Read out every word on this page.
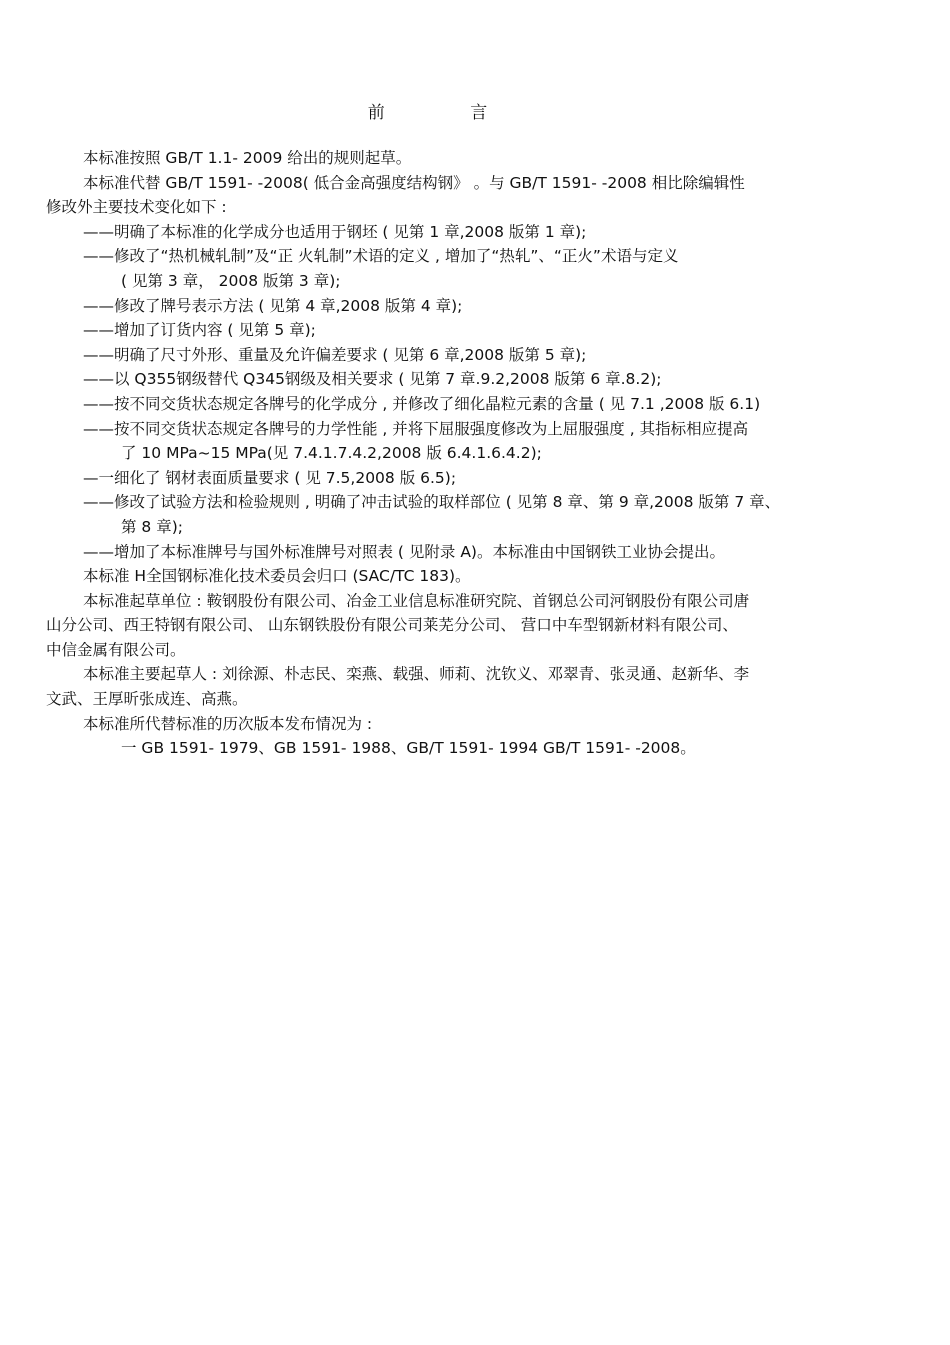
前 言
本标准按照 GB/T 1.1- 2009 给出的规则起草。
本标准代替 GB/T 1591- -2008( 低合金高强度结构钢》 。与 GB/T 1591- -2008 相比除编辑性
修改外主要技术变化如下 :
——明确了本标准的化学成分也适用于钢坯 ( 见第 1 章,2008 版第 1 章);
——修改了“热机械轧制”及“正 火轧制”术语的定义 , 增加了“热轧”、“正火”术语与定义
( 见第 3 章， 2008 版第 3 章);
——修改了牌号表示方法 ( 见第 4 章,2008 版第 4 章);
——增加了订货内容 ( 见第 5 章);
——明确了尺寸外形、重量及允许偏差要求 ( 见第 6 章,2008 版第 5 章);
——以 Q355钢级替代 Q345钢级及相关要求 ( 见第 7 章.9.2,2008 版第 6 章.8.2);
——按不同交货状态规定各牌号的化学成分 , 并修改了细化晶粒元素的含量 ( 见 7.1 ,2008 版 6.1)
——按不同交货状态规定各牌号的力学性能 , 并将下屈服强度修改为上屈服强度 , 其指标相应提高
了 10 MPa~15 MPa(见 7.4.1.7.4.2,2008 版 6.4.1.6.4.2);
—一细化了 钢材表面质量要求 ( 见 7.5,2008 版 6.5);
——修改了试验方法和检验规则 , 明确了冲击试验的取样部位 ( 见第 8 章、第 9 章,2008 版第 7 章、
第 8 章);
——增加了本标准牌号与国外标准牌号对照表 ( 见附录 A)。本标准由中国钢铁工业协会提出。
本标准 H全国钢标准化技术委员会归口 (SAC/TC 183)。
本标准起草单位 : 鞍钢股份有限公司、冶金工业信息标准研究院、首钢总公司河钢股份有限公司唐
山分公司、西王特钢有限公司、 山东钢铁股份有限公司莱芜分公司、 营口中车型钢新材料有限公司、
中信金属有限公司。
本标准主要起草人 : 刘徐源、朴志民、栾燕、载强、师莉、沈钦义、邓翠青、张灵通、赵新华、李
文武、王厚昕张成连、高燕。
本标准所代替标准的历次版本发布情况为 :
一 GB 1591- 1979、GB 1591- 1988、GB/T 1591- 1994 GB/T 1591- -2008。
